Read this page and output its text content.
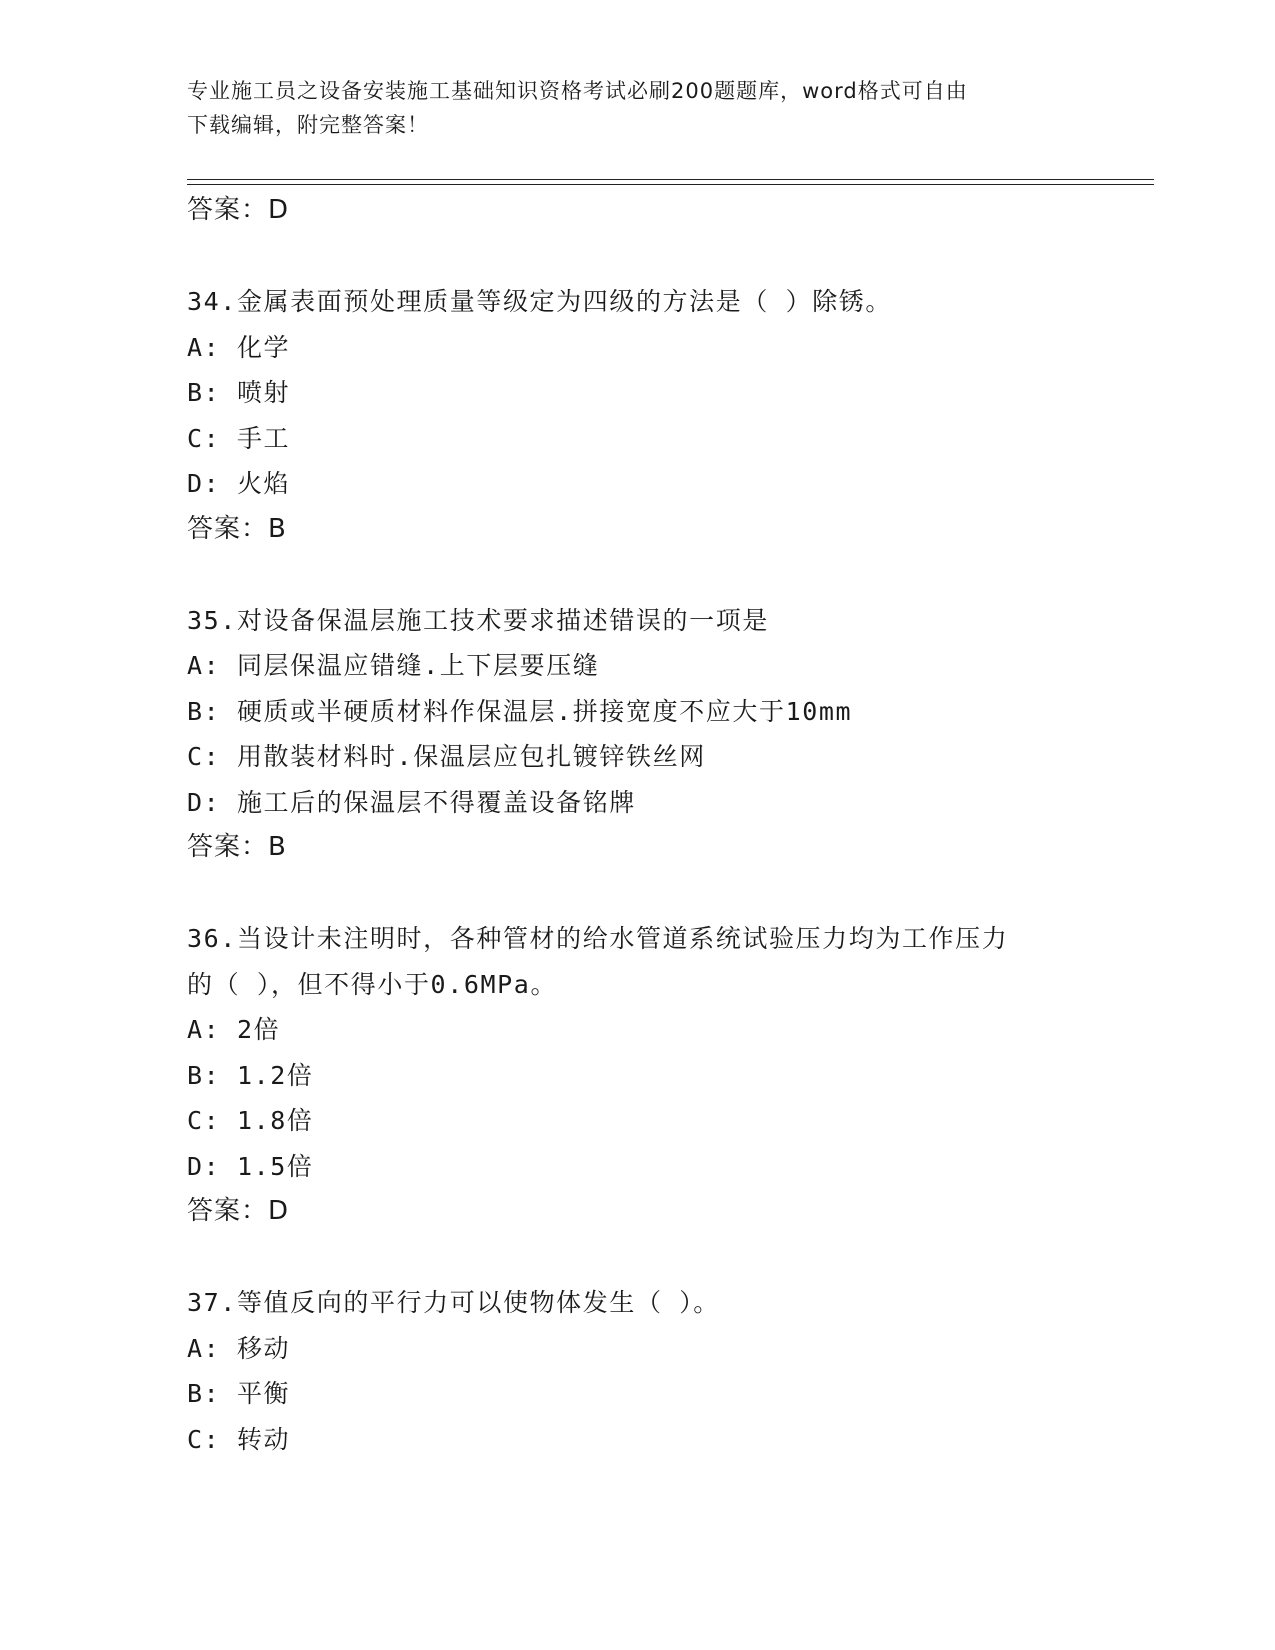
专业施工员之设备安装施工基础知识资格考试必刷200题题库，word格式可自由
下载编辑，附完整答案！
答案：D
34.金属表面预处理质量等级定为四级的方法是（ ）除锈。
A: 化学
B: 喷射
C: 手工
D: 火焰
答案：B
35.对设备保温层施工技术要求描述错误的一项是
A: 同层保温应错缝.上下层要压缝
B: 硬质或半硬质材料作保温层.拼接宽度不应大于10mm
C: 用散装材料时.保温层应包扎镀锌铁丝网
D: 施工后的保温层不得覆盖设备铭牌
答案：B
36.当设计未注明时，各种管材的给水管道系统试验压力均为工作压力
的（ ），但不得小于0.6MPa。
A: 2倍
B: 1.2倍
C: 1.8倍
D: 1.5倍
答案：D
37.等值反向的平行力可以使物体发生（ ）。
A: 移动
B: 平衡
C: 转动
